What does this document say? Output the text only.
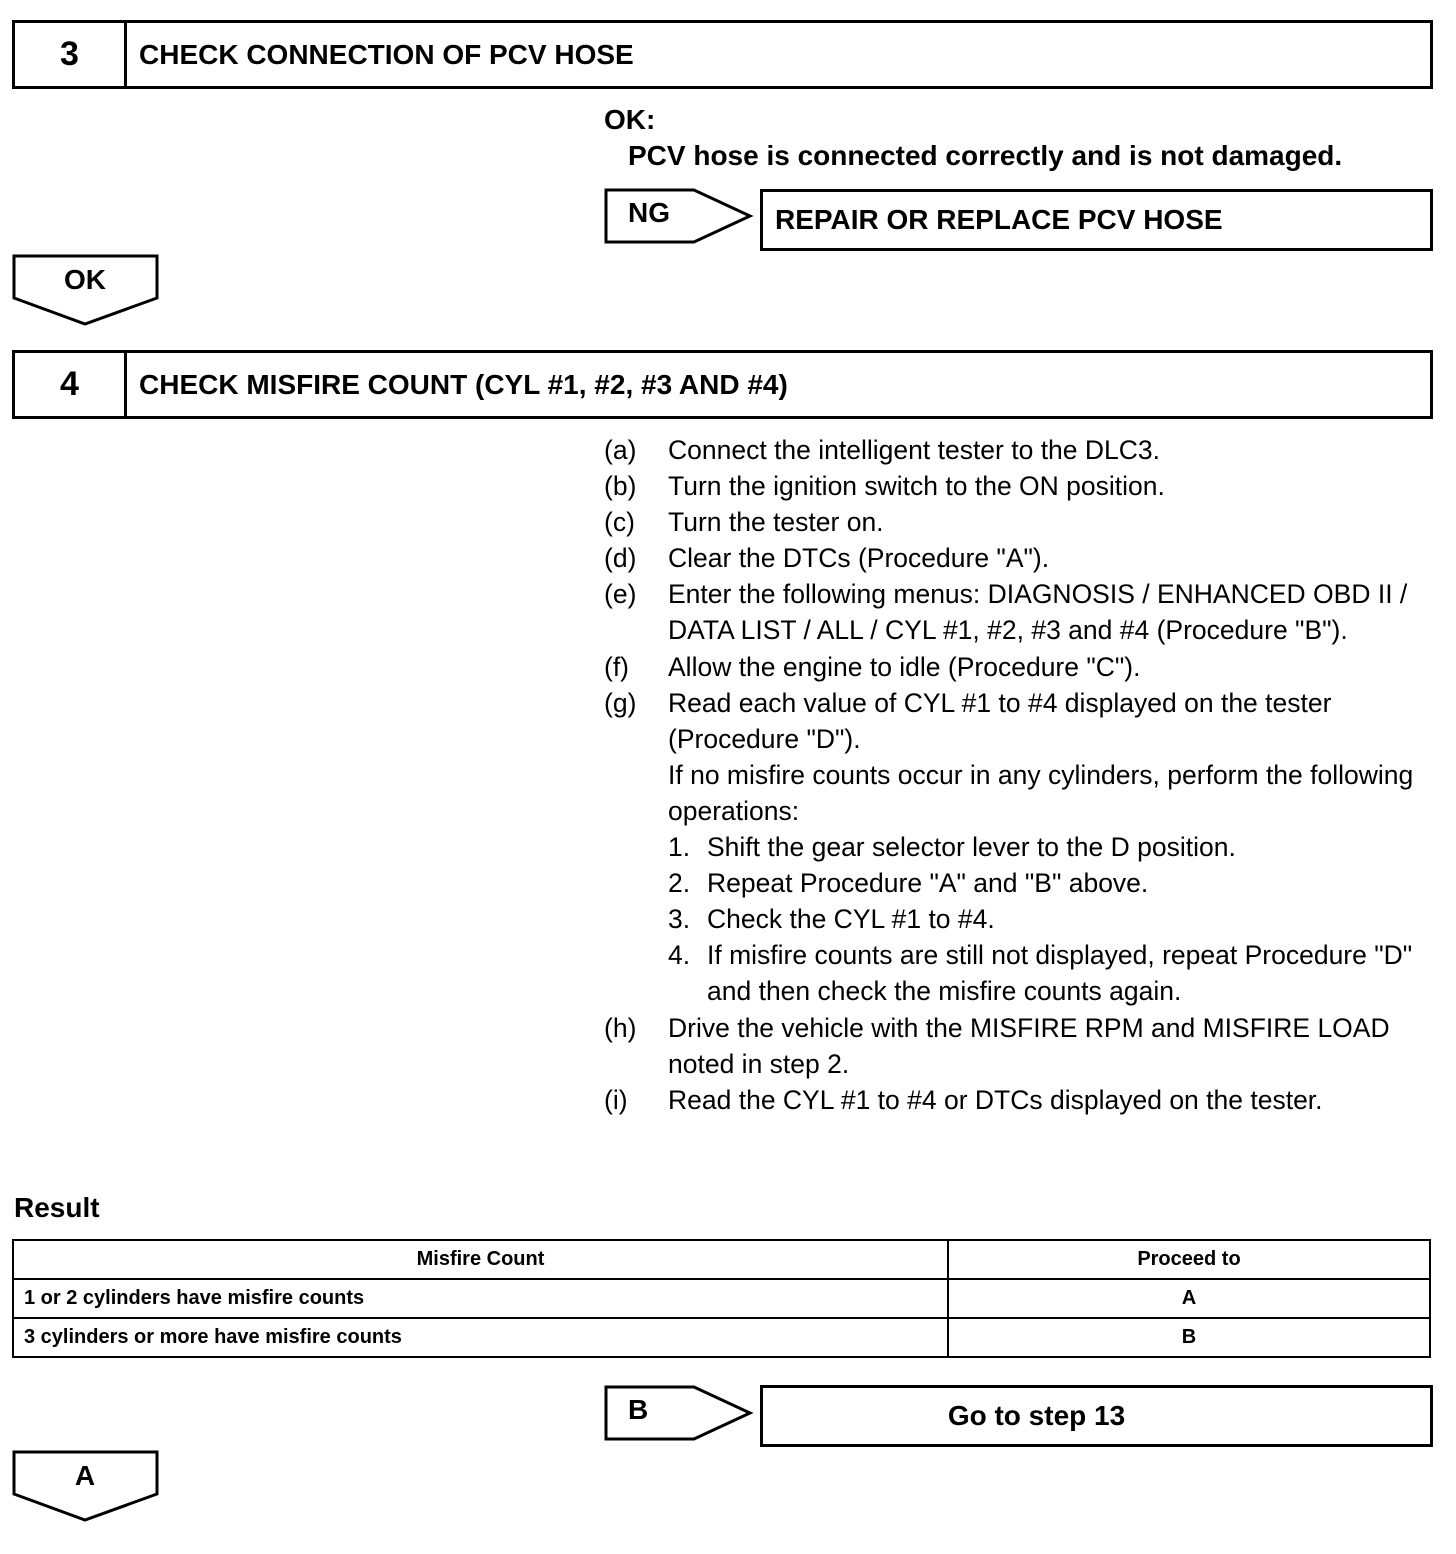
3	CHECK CONNECTION OF PCV HOSE
OK:
PCV hose is connected correctly and is not damaged.
NG	REPAIR OR REPLACE PCV HOSE
OK
4	CHECK MISFIRE COUNT (CYL #1, #2, #3 AND #4)
(a)	Connect the intelligent tester to the DLC3.
(b)	Turn the ignition switch to the ON position.
(c)	Turn the tester on.
(d)	Clear the DTCs (Procedure "A").
(e)	Enter the following menus: DIAGNOSIS / ENHANCED OBD II / DATA LIST / ALL / CYL #1, #2, #3 and #4 (Procedure "B").
(f)	Allow the engine to idle (Procedure "C").
(g)	Read each value of CYL #1 to #4 displayed on the tester (Procedure "D").
If no misfire counts occur in any cylinders, perform the following operations:
1. Shift the gear selector lever to the D position.
2. Repeat Procedure "A" and "B" above.
3. Check the CYL #1 to #4.
4. If misfire counts are still not displayed, repeat Procedure "D" and then check the misfire counts again.
(h)	Drive the vehicle with the MISFIRE RPM and MISFIRE LOAD noted in step 2.
(i)	Read the CYL #1 to #4 or DTCs displayed on the tester.
Result
Misfire Count	Proceed to
1 or 2 cylinders have misfire counts	A
3 cylinders or more have misfire counts	B
B	Go to step 13
A
